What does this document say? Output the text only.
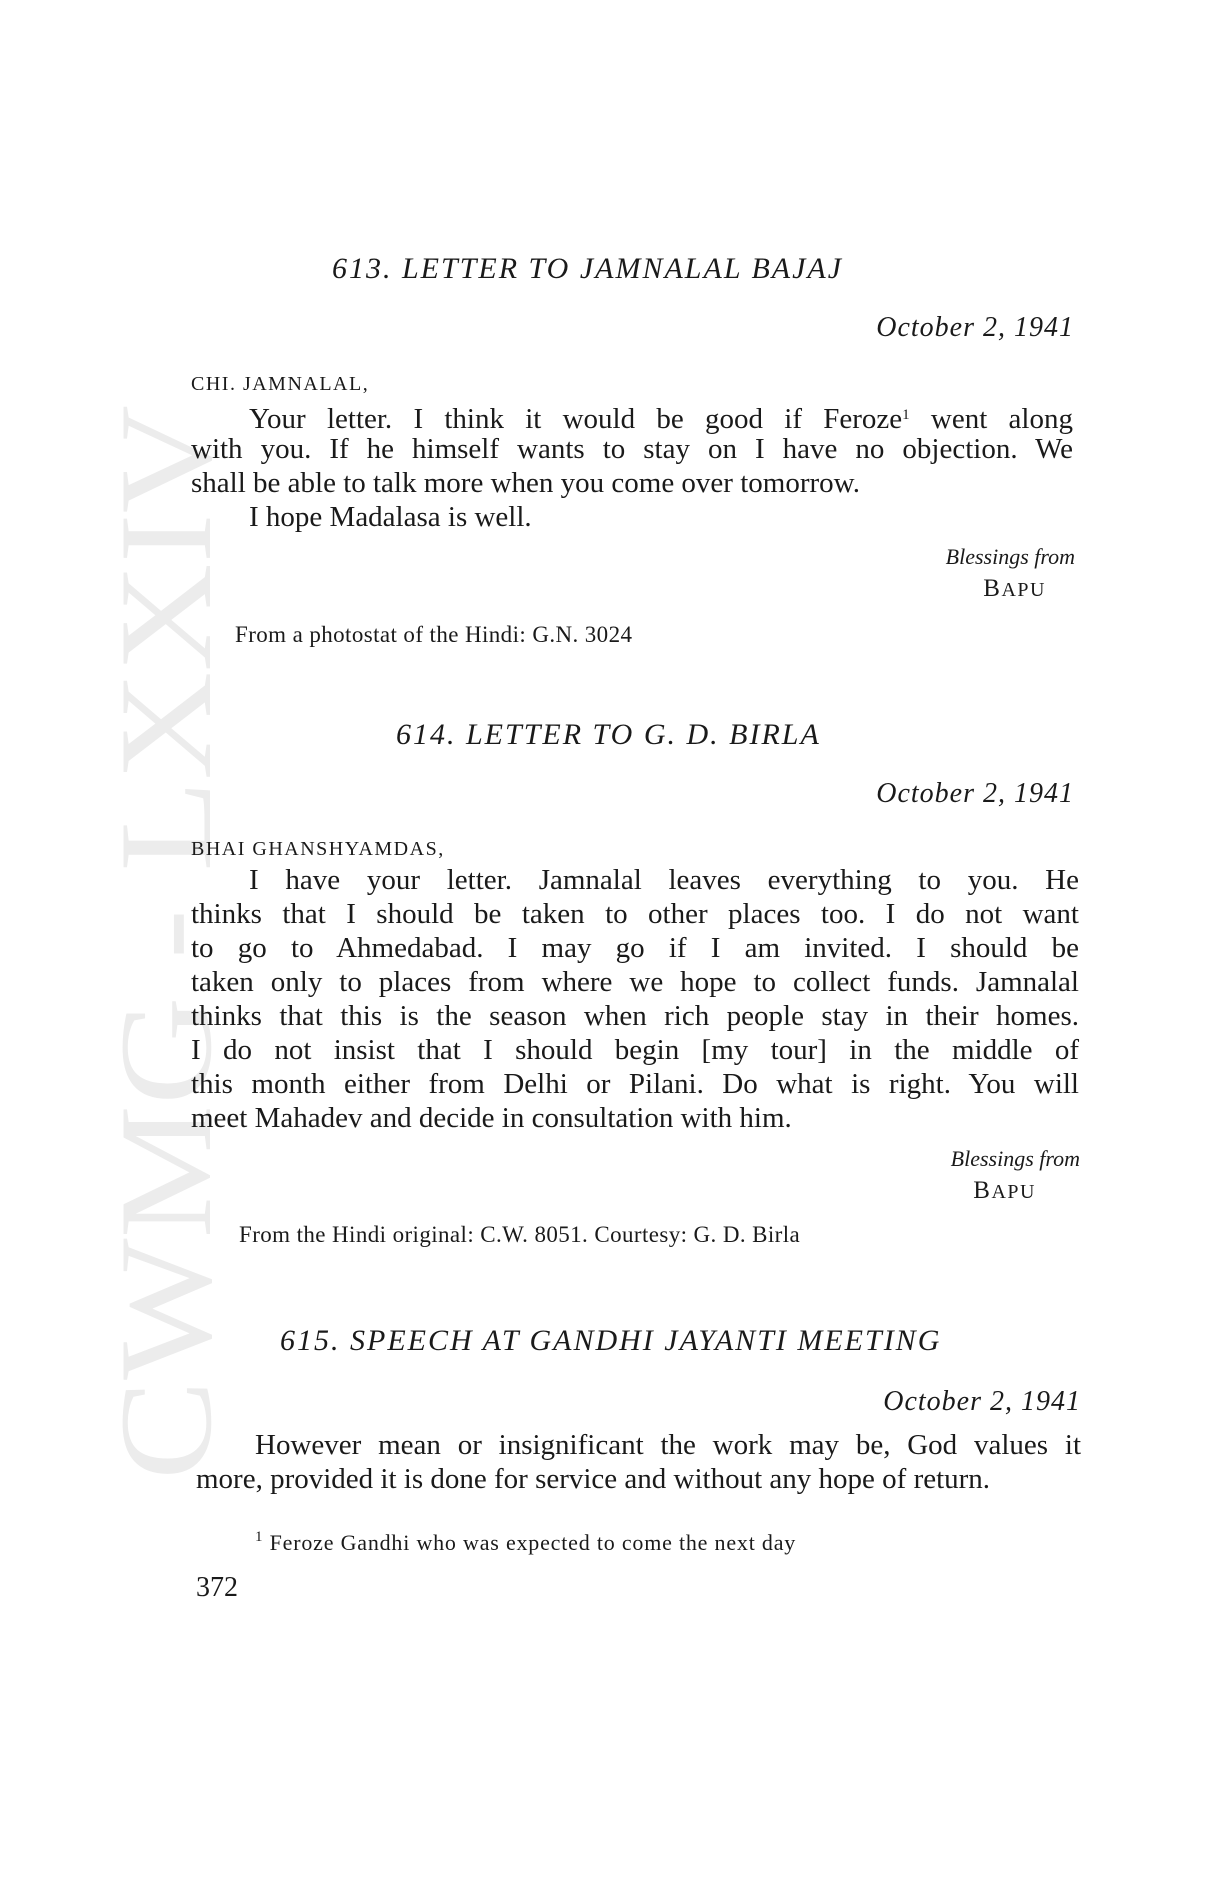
CWMG - LXXIV
613. LETTER TO JAMNALAL BAJAJ
October 2, 1941
CHI. JAMNALAL,
Your letter. I think it would be good if Feroze$^1$ went along
with you. If he himself wants to stay on I have no objection. We
shall be able to talk more when you come over tomorrow.
I hope Madalasa is well.
Blessings from
BAPU
From a photostat of the Hindi: G.N. 3024
614. LETTER TO G. D. BIRLA
October 2, 1941
BHAI GHANSHYAMDAS,
I have your letter. Jamnalal leaves everything to you. He
thinks that I should be taken to other places too. I do not want
to go to Ahmedabad. I may go if I am invited. I should be
taken only to places from where we hope to collect funds. Jamnalal
thinks that this is the season when rich people stay in their homes.
I do not insist that I should begin [my tour] in the middle of
this month either from Delhi or Pilani. Do what is right. You will
meet Mahadev and decide in consultation with him.
Blessings from
BAPU
From the Hindi original: C.W. 8051. Courtesy: G. D. Birla
615. SPEECH AT GANDHI JAYANTI MEETING
October 2, 1941
However mean or insignificant the work may be, God values it
more, provided it is done for service and without any hope of return.
$^1$ Feroze Gandhi who was expected to come the next day
372
